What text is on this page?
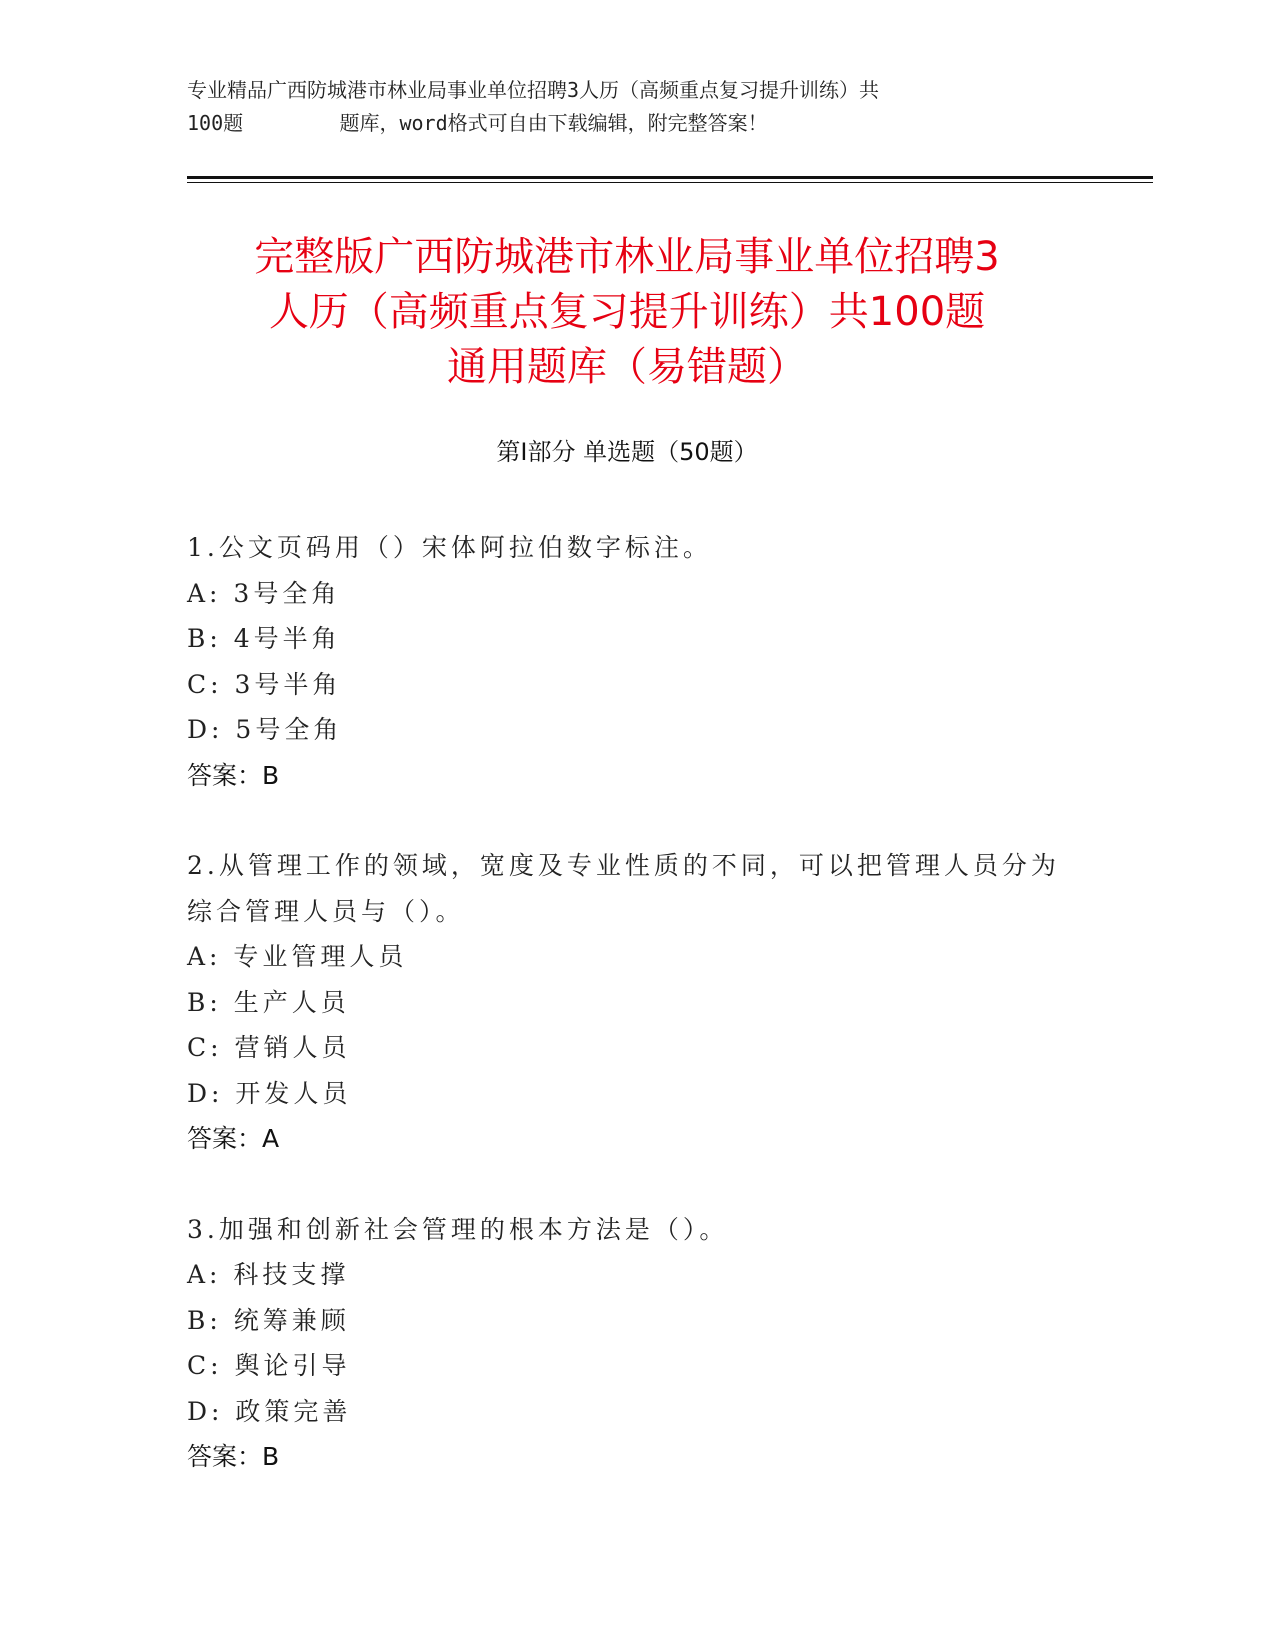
专业精品广西防城港市林业局事业单位招聘3人历（高频重点复习提升训练）共
100题        题库，word格式可自由下载编辑，附完整答案！
完整版广西防城港市林业局事业单位招聘3
人历（高频重点复习提升训练）共100题
通用题库（易错题）
第Ⅰ部分 单选题（50题）

1.公文页码用（）宋体阿拉伯数字标注。

A: 3号全角

B: 4号半角

C: 3号半角

D: 5号全角

答案：B

2.从管理工作的领域，宽度及专业性质的不同，可以把管理人员分为

综合管理人员与（）。

A: 专业管理人员

B: 生产人员

C: 营销人员

D: 开发人员

答案：A

3.加强和创新社会管理的根本方法是（）。

A: 科技支撑

B: 统筹兼顾

C: 舆论引导

D: 政策完善

答案：B
